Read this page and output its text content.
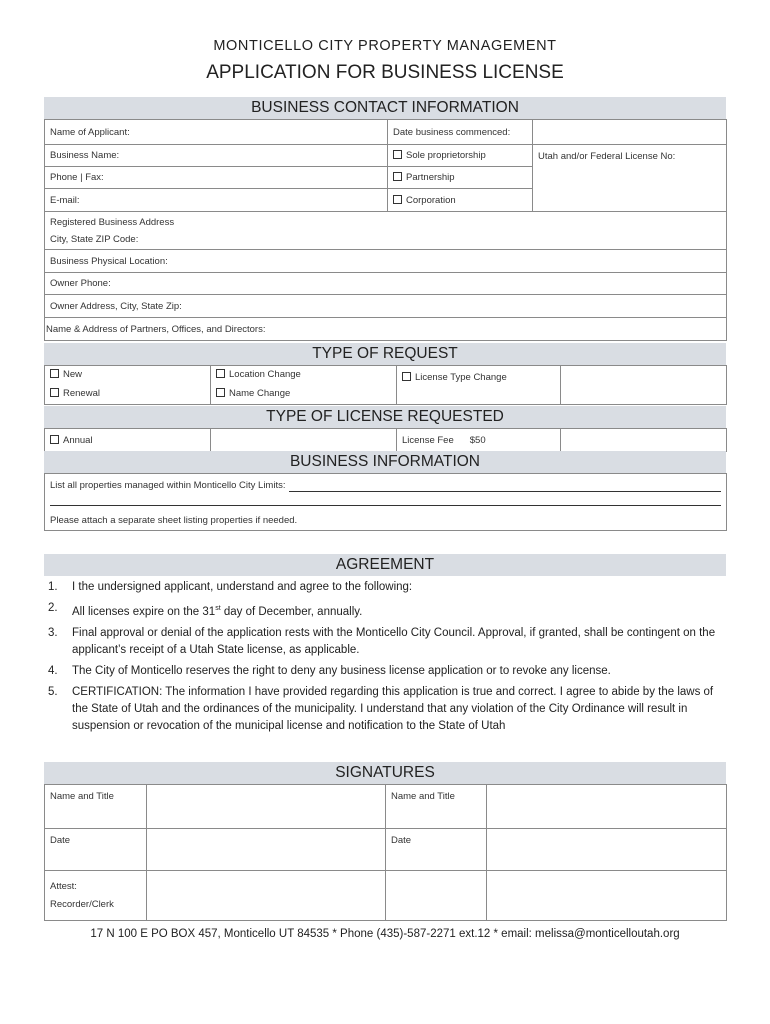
MONTICELLO CITY PROPERTY MANAGEMENT
APPLICATION FOR BUSINESS LICENSE
BUSINESS CONTACT INFORMATION
Name of Applicant:	Date business commenced:	
Business Name:	Sole proprietorship	Utah and/or Federal License No:
Phone | Fax:	Partnership	
E-mail:	Corporation	

Registered Business Address
City, State ZIP Code:		

Business Physical Location:		
Owner Phone:		
Owner Address, City, State Zip:		
Name & Address of Partners, Offices, and Directors:		
TYPE OF REQUEST
New	Location Change	License Type Change	
Renewal	Name Change		
TYPE OF LICENSE REQUESTED
Annual		License Fee $50	
BUSINESS INFORMATION
List all properties managed within Monticello City Limits:
Please attach a separate sheet listing properties if needed.
AGREEMENT
1. I the undersigned applicant, understand and agree to the following:
2. All licenses expire on the 31st day of December, annually.
3. Final approval or denial of the application rests with the Monticello City Council. Approval, if granted, shall be contingent on the applicant’s receipt of a Utah State license, as applicable.
4. The City of Monticello reserves the right to deny any business license application or to revoke any license.
5. CERTIFICATION: The information I have provided regarding this application is true and correct. I agree to abide by the laws of the State of Utah and the ordinances of the municipality. I understand that any violation of the City Ordinance will result in suspension or revocation of the municipal license and notification to the State of Utah
SIGNATURES
Name and Title		Name and Title	
Date		Date	

Attest:
Recorder/Clerk			

17 N 100 E PO BOX 457, Monticello UT 84535 * Phone (435)-587-2271 ext.12 * email: melissa@monticelloutah.org
